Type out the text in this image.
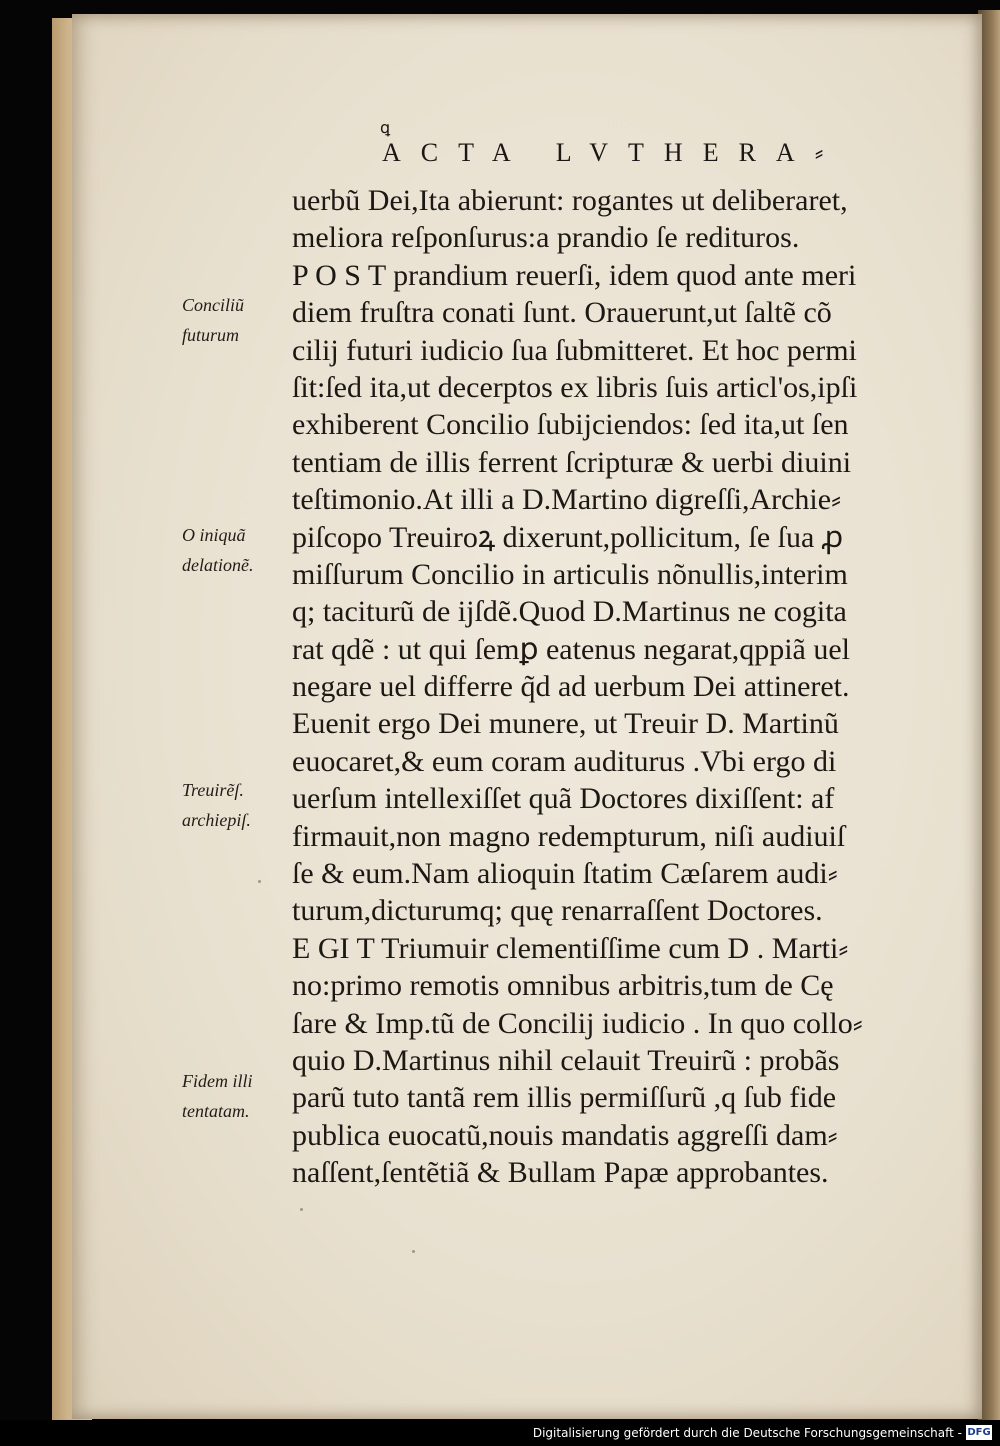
ꝗ
ACTA LVTHERA⸗
uerbũ Dei,Ita abierunt: rogantes ut deliberaret,
meliora reſponſurus:a prandio ſe redituros.
P O S T prandium reuerſi, idem quod ante meri
diem fruſtra conati ſunt. Orauerunt,ut ſaltẽ cõ
cilij futuri iudicio ſua ſubmitteret. Et hoc permi
ſit:ſed ita,ut decerptos ex libris ſuis articl'os,ipſi
exhiberent Concilio ſubijciendos: ſed ita,ut ſen
tentiam de illis ferrent ſcripturæ & uerbi diuini
teſtimonio.At illi a D.Martino digreſſi,Archie⸗
piſcopo Treuiroꝝ dixerunt,pollicitum, ſe ſua ꝓ
miſſurum Concilio in articulis nõnullis,interim
q; taciturũ de ijſdẽ.Quod D.Martinus ne cogita
rat qdẽ : ut qui ſemꝑ eatenus negarat,qppiã uel
negare uel differre q̃d ad uerbum Dei attineret.
Euenit ergo Dei munere, ut Treuir D. Martinũ
euocaret,& eum coram auditurus .Vbi ergo di
uerſum intellexiſſet quã Doctores dixiſſent: af
firmauit,non magno redempturum, niſi audiuiſ
ſe & eum.Nam alioquin ſtatim Cæſarem audi⸗
turum,dicturumq; quę renarraſſent Doctores.
E GI T Triumuir clementiſſime cum D . Marti⸗
no:primo remotis omnibus arbitris,tum de Cę
ſare & Imp.tũ de Concilij iudicio . In quo collo⸗
quio D.Martinus nihil celauit Treuirũ : probãs
parũ tuto tantã rem illis permiſſurũ ,q ſub fide
publica euocatũ,nouis mandatis aggreſſi dam⸗
naſſent,ſentẽtiã & Bullam Papæ approbantes.
Conciliũ
futurum
O iniquã
delationẽ.
Treuirẽſ.
archiepiſ.
Fidem illi
tentatam.
Digitalisierung gefördert durch die Deutsche Forschungsgemeinschaft - DFG
